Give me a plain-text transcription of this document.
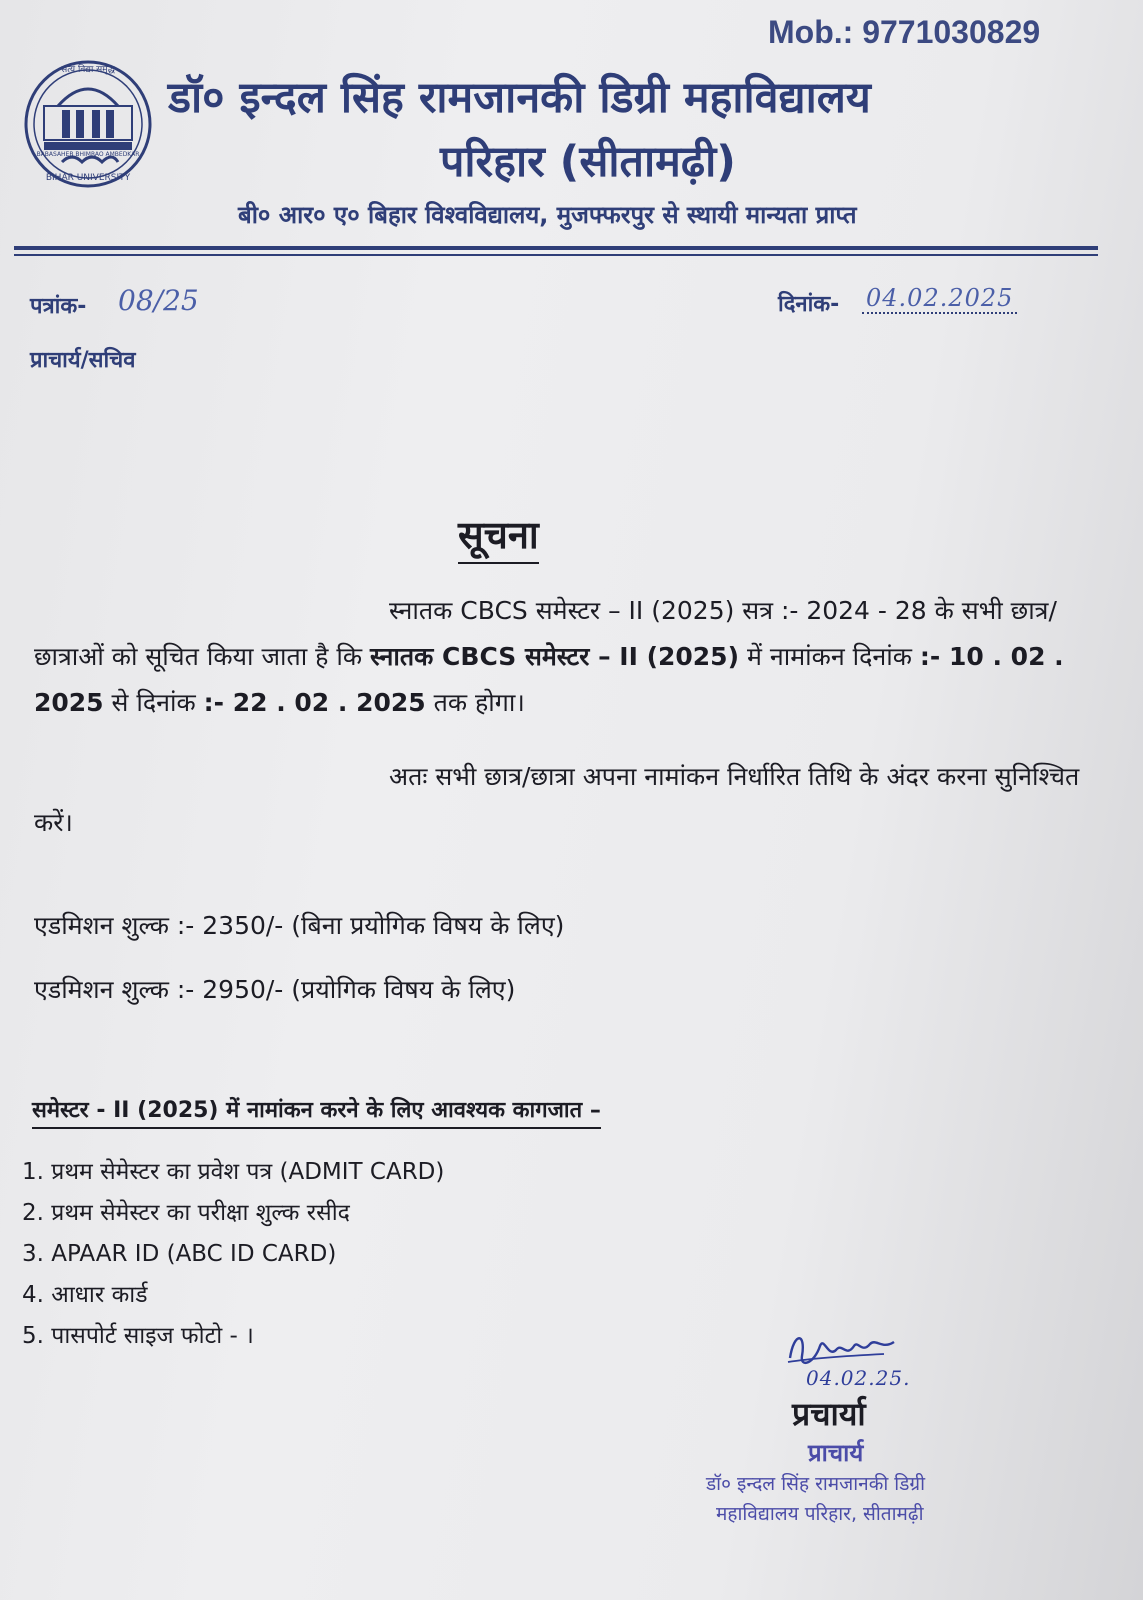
Mob.: 9771030829
सत्यं विद्या समृद्ध
BABASAHEB BHIMRAO AMBEDKAR
BIHAR UNIVERSITY
डॉ० इन्दल सिंह रामजानकी डिग्री महाविद्यालय
परिहार (सीतामढ़ी)
बी० आर० ए० बिहार विश्वविद्यालय, मुजफ्फरपुर से स्थायी मान्यता प्राप्त
पत्रांक- 08/25	दिनांक- 04.02.2025
प्राचार्य/सचिव
सूचना
स्नातक CBCS समेस्टर – II (2025) सत्र :- 2024 - 28 के सभी छात्र/छात्राओं को सूचित किया जाता है कि स्नातक CBCS समेस्टर – II (2025) में नामांकन दिनांक :- 10 . 02 . 2025 से दिनांक :- 22 . 02 . 2025 तक होगा।
अतः सभी छात्र/छात्रा अपना नामांकन निर्धारित तिथि के अंदर करना सुनिश्चित करें।
एडमिशन शुल्क :- 2350/- (बिना प्रयोगिक विषय के लिए)
एडमिशन शुल्क :- 2950/- (प्रयोगिक विषय के लिए)
समेस्टर - II (2025) में नामांकन करने के लिए आवश्यक कागजात –
1. प्रथम सेमेस्टर का प्रवेश पत्र (ADMIT CARD)
2. प्रथम सेमेस्टर का परीक्षा शुल्क रसीद
3. APAAR ID (ABC ID CARD)
4. आधार कार्ड
5. पासपोर्ट साइज फोटो - ।
04.02.25.
प्रचार्या
प्राचार्य
डॉ० इन्दल सिंह रामजानकी डिग्री
महाविद्यालय परिहार, सीतामढ़ी
